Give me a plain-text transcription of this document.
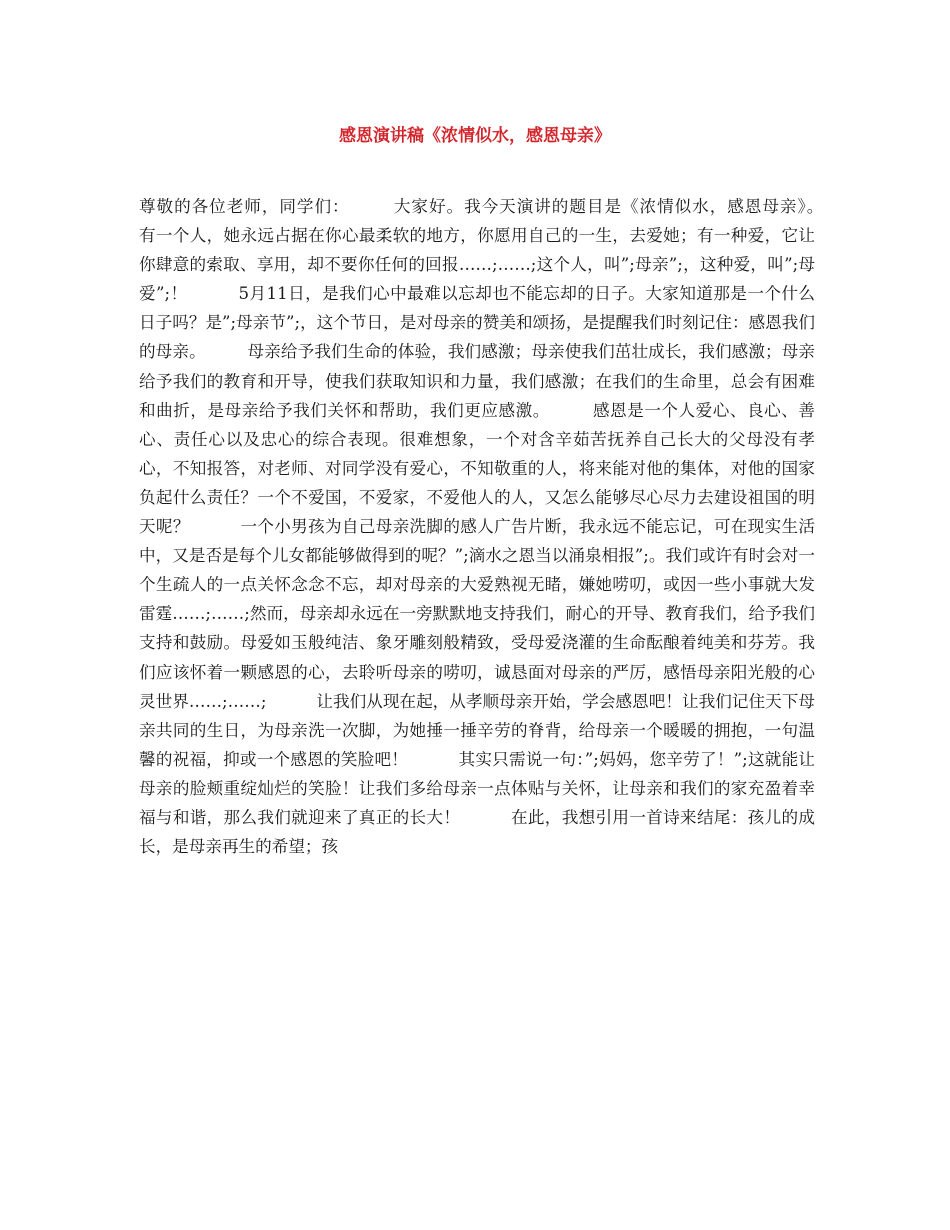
感恩演讲稿《浓情似水，感恩母亲》

尊敬的各位老师，同学们：　　　大家好。我今天演讲的题目是《浓情似水，感恩母亲》。　　　有一个人，她永远占据在你心最柔软的地方，你愿用自己的一生，去爱她；有一种爱，它让你肆意的索取、享用，却不要你任何的回报……;……;这个人，叫”;母亲”;，这种爱，叫”;母爱”;！　　　5月11日，是我们心中最难以忘却也不能忘却的日子。大家知道那是一个什么日子吗？是”;母亲节”;，这个节日，是对母亲的赞美和颂扬，是提醒我们时刻记住：感恩我们的母亲。　　　母亲给予我们生命的体验，我们感激；母亲使我们茁壮成长，我们感激；母亲给予我们的教育和开导，使我们获取知识和力量，我们感激；在我们的生命里，总会有困难和曲折，是母亲给予我们关怀和帮助，我们更应感激。　　　感恩是一个人爱心、良心、善心、责任心以及忠心的综合表现。很难想象，一个对含辛茹苦抚养自己长大的父母没有孝心，不知报答，对老师、对同学没有爱心，不知敬重的人，将来能对他的集体，对他的国家负起什么责任？一个不爱国，不爱家，不爱他人的人，又怎么能够尽心尽力去建设祖国的明天呢？　　　一个小男孩为自己母亲洗脚的感人广告片断，我永远不能忘记，可在现实生活中，又是否是每个儿女都能够做得到的呢？”;滴水之恩当以涌泉相报”;。我们或许有时会对一个生疏人的一点关怀念念不忘，却对母亲的大爱熟视无睹，嫌她唠叨，或因一些小事就大发雷霆……;……;然而，母亲却永远在一旁默默地支持我们，耐心的开导、教育我们，给予我们支持和鼓励。母爱如玉般纯洁、象牙雕刻般精致，受母爱浇灌的生命酝酿着纯美和芬芳。我们应该怀着一颗感恩的心，去聆听母亲的唠叨，诚恳面对母亲的严厉，感悟母亲阳光般的心灵世界……;……;　　　让我们从现在起，从孝顺母亲开始，学会感恩吧！让我们记住天下母亲共同的生日，为母亲洗一次脚，为她捶一捶辛劳的脊背，给母亲一个暖暖的拥抱，一句温馨的祝福，抑或一个感恩的笑脸吧！　　　其实只需说一句：”;妈妈，您辛劳了！”;这就能让母亲的脸颊重绽灿烂的笑脸！让我们多给母亲一点体贴与关怀，让母亲和我们的家充盈着幸福与和谐，那么我们就迎来了真正的长大！　　　在此，我想引用一首诗来结尾：孩儿的成长，是母亲再生的希望；孩
